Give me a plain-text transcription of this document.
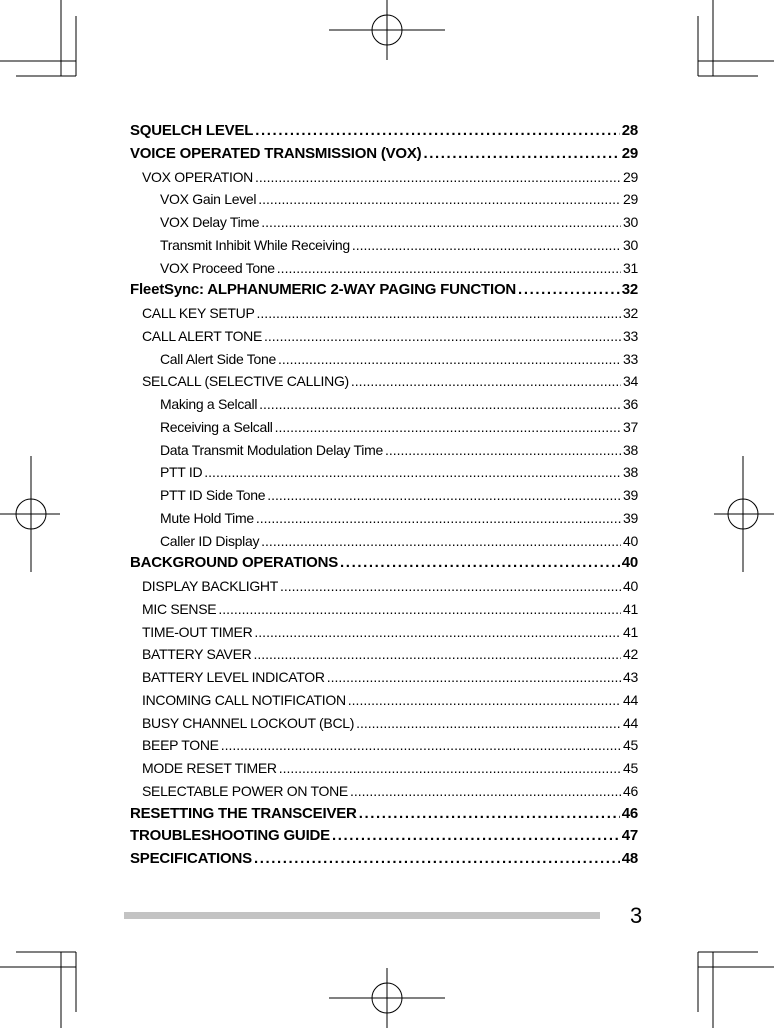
SQUELCH LEVEL .....	28
VOICE OPERATED TRANSMISSION (VOX) .....	29
VOX OPERATION .....	29
VOX Gain Level .....	29
VOX Delay Time .....	30
Transmit Inhibit While Receiving .....	30
VOX Proceed Tone .....	31
FleetSync: ALPHANUMERIC 2-WAY PAGING FUNCTION .....	32
CALL KEY SETUP .....	32
CALL ALERT TONE .....	33
Call Alert Side Tone .....	33
SELCALL (SELECTIVE CALLING) .....	34
Making a Selcall .....	36
Receiving a Selcall .....	37
Data Transmit Modulation Delay Time .....	38
PTT ID .....	38
PTT ID Side Tone .....	39
Mute Hold Time .....	39
Caller ID Display .....	40
BACKGROUND OPERATIONS .....	40
DISPLAY BACKLIGHT .....	40
MIC SENSE .....	41
TIME-OUT TIMER .....	41
BATTERY SAVER .....	42
BATTERY LEVEL INDICATOR .....	43
INCOMING CALL NOTIFICATION .....	44
BUSY CHANNEL LOCKOUT (BCL) .....	44
BEEP TONE .....	45
MODE RESET TIMER .....	45
SELECTABLE POWER ON TONE .....	46
RESETTING THE TRANSCEIVER .....	46
TROUBLESHOOTING GUIDE .....	47
SPECIFICATIONS .....	48
3
